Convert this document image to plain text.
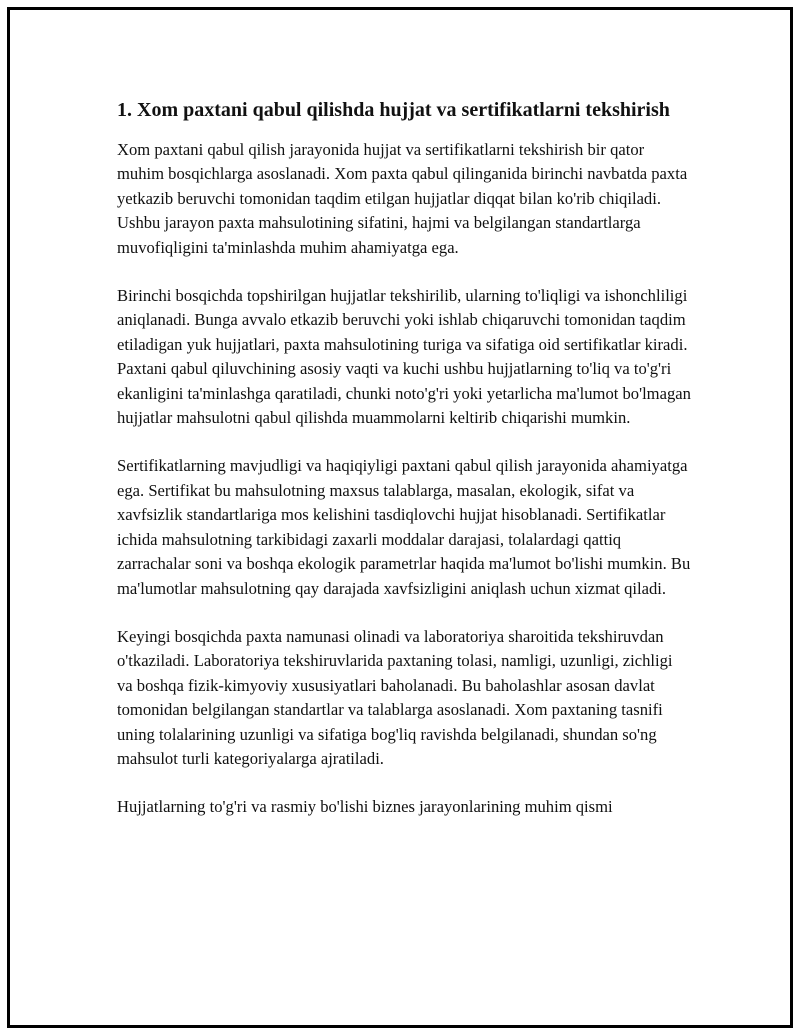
1. Xom paxtani qabul qilishda hujjat va sertifikatlarni tekshirish

Xom paxtani qabul qilish jarayonida hujjat va sertifikatlarni tekshirish bir qator muhim bosqichlarga asoslanadi. Xom paxta qabul qilinganida birinchi navbatda paxta yetkazib beruvchi tomonidan taqdim etilgan hujjatlar diqqat bilan ko'rib chiqiladi. Ushbu jarayon paxta mahsulotining sifatini, hajmi va belgilangan standartlarga muvofiqligini ta'minlashda muhim ahamiyatga ega.

Birinchi bosqichda topshirilgan hujjatlar tekshirilib, ularning to'liqligi va ishonchliligi aniqlanadi. Bunga avvalo etkazib beruvchi yoki ishlab chiqaruvchi tomonidan taqdim etiladigan yuk hujjatlari, paxta mahsulotining turiga va sifatiga oid sertifikatlar kiradi. Paxtani qabul qiluvchining asosiy vaqti va kuchi ushbu hujjatlarning to'liq va to'g'ri ekanligini ta'minlashga qaratiladi, chunki noto'g'ri yoki yetarlicha ma'lumot bo'lmagan hujjatlar mahsulotni qabul qilishda muammolarni keltirib chiqarishi mumkin.

Sertifikatlarning mavjudligi va haqiqiyligi paxtani qabul qilish jarayonida ahamiyatga ega. Sertifikat bu mahsulotning maxsus talablarga, masalan, ekologik, sifat va xavfsizlik standartlariga mos kelishini tasdiqlovchi hujjat hisoblanadi. Sertifikatlar ichida mahsulotning tarkibidagi zaxarli moddalar darajasi, tolalardagi qattiq zarrachalar soni va boshqa ekologik parametrlar haqida ma'lumot bo'lishi mumkin. Bu ma'lumotlar mahsulotning qay darajada xavfsizligini aniqlash uchun xizmat qiladi.

Keyingi bosqichda paxta namunasi olinadi va laboratoriya sharoitida tekshiruvdan o'tkaziladi. Laboratoriya tekshiruvlarida paxtaning tolasi, namligi, uzunligi, zichligi va boshqa fizik-kimyoviy xususiyatlari baholanadi. Bu baholashlar asosan davlat tomonidan belgilangan standartlar va talablarga asoslanadi. Xom paxtaning tasnifi uning tolalarining uzunligi va sifatiga bog'liq ravishda belgilanadi, shundan so'ng mahsulot turli kategoriyalarga ajratiladi.

Hujjatlarning to'g'ri va rasmiy bo'lishi biznes jarayonlarining muhim qismi
